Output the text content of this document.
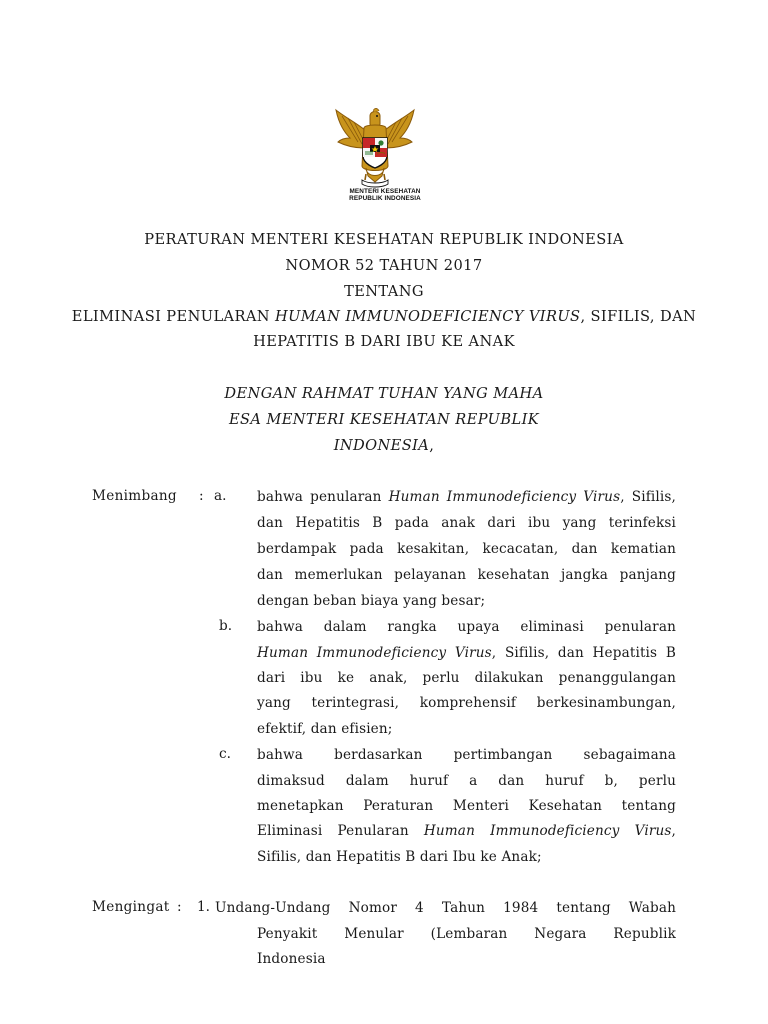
MENTERI KESEHATAN
REPUBLIK INDONESIA
PERATURAN MENTERI KESEHATAN REPUBLIK INDONESIA
NOMOR 52 TAHUN 2017
TENTANG
ELIMINASI PENULARAN HUMAN IMMUNODEFICIENCY VIRUS, SIFILIS, DAN
HEPATITIS B DARI IBU KE ANAK
DENGAN RAHMAT TUHAN YANG MAHA
ESA MENTERI KESEHATAN REPUBLIK
INDONESIA,
Menimbang : a. bahwa penularan Human Immunodeficiency Virus, Sifilis,
dan Hepatitis B pada anak dari ibu yang terinfeksi
berdampak pada kesakitan, kecacatan, dan kematian
dan memerlukan pelayanan kesehatan jangka panjang
dengan beban biaya yang besar;
b. bahwa dalam rangka upaya eliminasi penularan
Human Immunodeficiency Virus, Sifilis, dan Hepatitis B
dari ibu ke anak, perlu dilakukan penanggulangan
yang terintegrasi, komprehensif berkesinambungan,
efektif, dan efisien;
c. bahwa berdasarkan pertimbangan sebagaimana
dimaksud dalam huruf a dan huruf b, perlu
menetapkan Peraturan Menteri Kesehatan tentang
Eliminasi Penularan Human Immunodeficiency Virus,
Sifilis, dan Hepatitis B dari Ibu ke Anak;
Mengingat : 1. Undang-Undang Nomor 4 Tahun 1984 tentang Wabah
Penyakit Menular (Lembaran Negara Republik
Indonesia
